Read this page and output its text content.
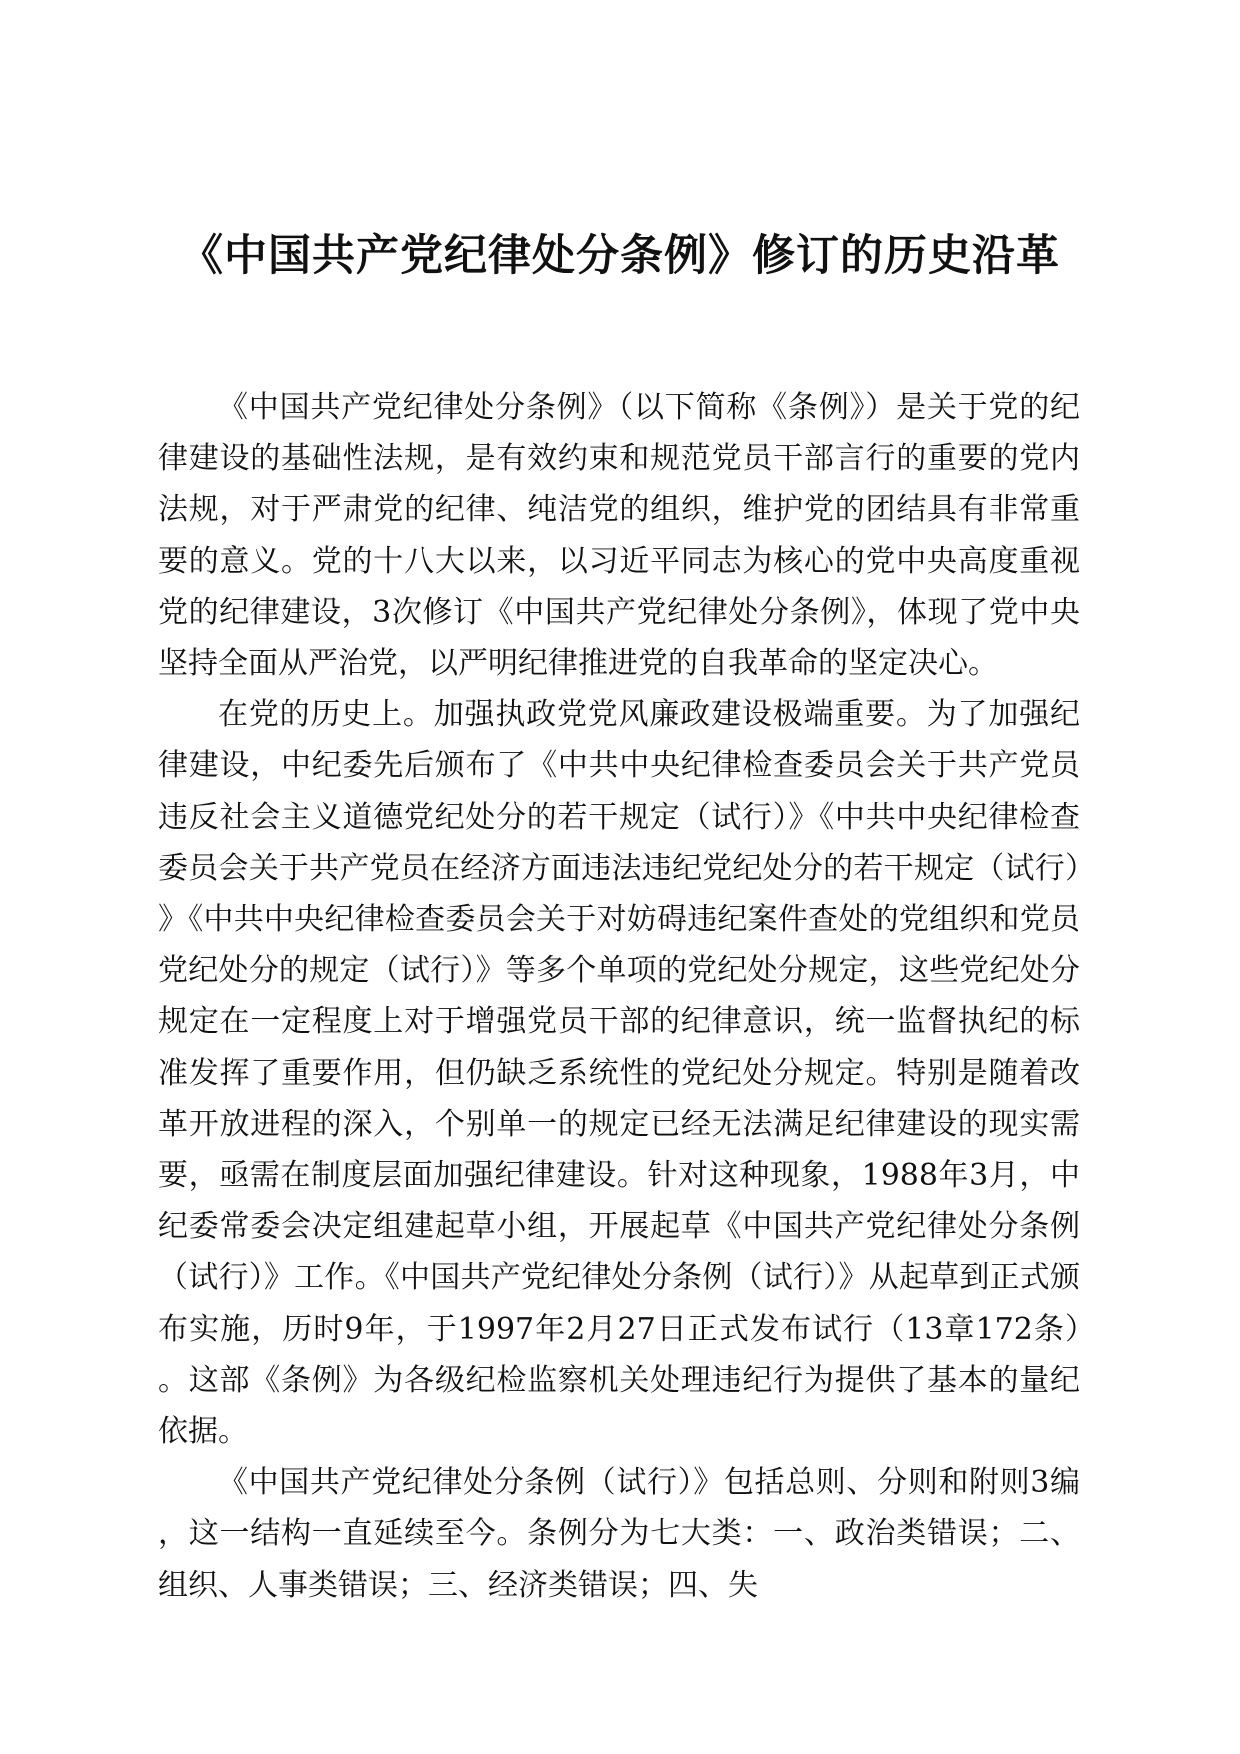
《中国共产党纪律处分条例》修订的历史沿革

《中国共产党纪律处分条例》（以下简称《条例》）是关于党的纪律建设的基础性法规，是有效约束和规范党员干部言行的重要的党内法规，对于严肃党的纪律、纯洁党的组织，维护党的团结具有非常重要的意义。党的十八大以来，以习近平同志为核心的党中央高度重视党的纪律建设，3次修订《中国共产党纪律处分条例》，体现了党中央坚持全面从严治党，以严明纪律推进党的自我革命的坚定决心。

在党的历史上。加强执政党党风廉政建设极端重要。为了加强纪律建设，中纪委先后颁布了《中共中央纪律检查委员会关于共产党员违反社会主义道德党纪处分的若干规定（试行）》《中共中央纪律检查委员会关于共产党员在经济方面违法违纪党纪处分的若干规定（试行）》《中共中央纪律检查委员会关于对妨碍违纪案件查处的党组织和党员党纪处分的规定（试行）》等多个单项的党纪处分规定，这些党纪处分规定在一定程度上对于增强党员干部的纪律意识，统一监督执纪的标准发挥了重要作用，但仍缺乏系统性的党纪处分规定。特别是随着改革开放进程的深入，个别单一的规定已经无法满足纪律建设的现实需要，亟需在制度层面加强纪律建设。针对这种现象，1988年3月，中纪委常委会决定组建起草小组，开展起草《中国共产党纪律处分条例（试行）》工作。《中国共产党纪律处分条例（试行）》从起草到正式颁布实施，历时9年，于1997年2月27日正式发布试行（13章172条）。这部《条例》为各级纪检监察机关处理违纪行为提供了基本的量纪依据。

《中国共产党纪律处分条例（试行）》包括总则、分则和附则3编，这一结构一直延续至今。条例分为七大类：一、政治类错误；二、组织、人事类错误；三、经济类错误；四、失
